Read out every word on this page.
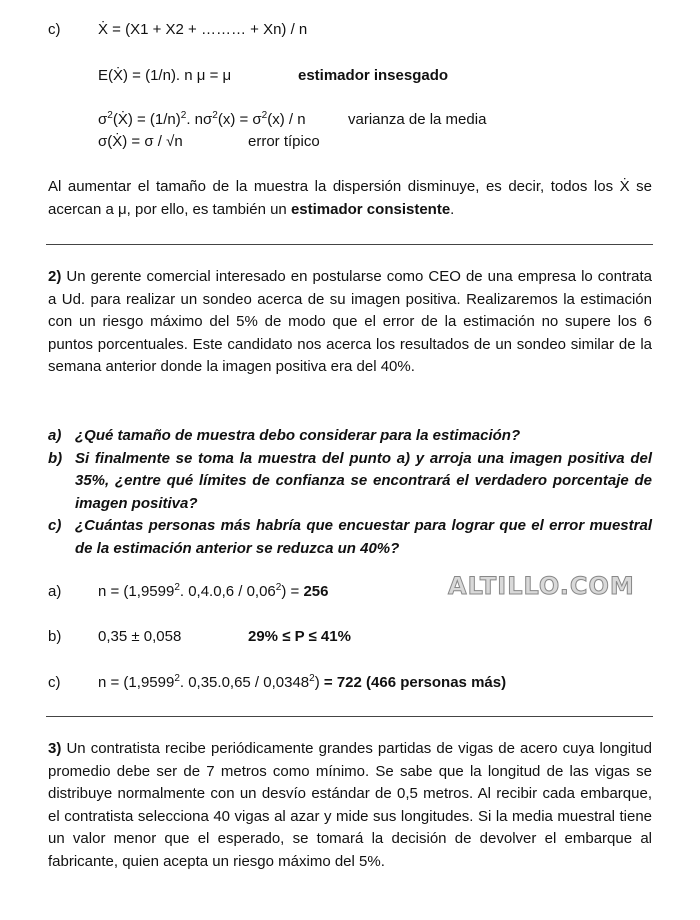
c)	Ẋ = (X1 + X2 + ……… + Xn) / n
E(Ẋ) = (1/n). n μ = μ	estimador insesgado
$\sigma^2(Ẋ) = (1/n)^2$. $n\sigma^2(x) = \sigma^2(x) / n$	varianza de la media
σ(Ẋ) = σ / √n	error típico

Al aumentar el tamaño de la muestra la dispersión disminuye, es decir, todos los Ẋ se acercan a μ, por ello, es también un estimador consistente.

2) Un gerente comercial interesado en postularse como CEO de una empresa lo contrata a Ud. para realizar un sondeo acerca de su imagen positiva. Realizaremos la estimación con un riesgo máximo del 5% de modo que el error de la estimación no supere los 6 puntos porcentuales. Este candidato nos acerca los resultados de un sondeo similar de la semana anterior donde la imagen positiva era del 40%.

a) ¿Qué tamaño de muestra debo considerar para la estimación?
b) Si finalmente se toma la muestra del punto a) y arroja una imagen positiva del 35%, ¿entre qué límites de confianza se encontrará el verdadero porcentaje de imagen positiva?
c) ¿Cuántas personas más habría que encuestar para lograr que el error muestral de la estimación anterior se reduzca un 40%?
a) $n = (1,9599^2$. $0,4.0,6 / 0,06^2) = 256$	ALTILLO.COM
b) 0,35 ± 0,058	29% ≤ P ≤ 41%
c)	$n = (1,9599^2$. $0,35.0,65 / 0,0348^2) = 722$ (466 personas más)

3) Un contratista recibe periódicamente grandes partidas de vigas de acero cuya longitud promedio debe ser de 7 metros como mínimo. Se sabe que la longitud de las vigas se distribuye normalmente con un desvío estándar de 0,5 metros. Al recibir cada embarque, el contratista selecciona 40 vigas al azar y mide sus longitudes. Si la media muestral tiene un valor menor que el esperado, se tomará la decisión de devolver el embarque al fabricante, quien acepta un riesgo máximo del 5%.
